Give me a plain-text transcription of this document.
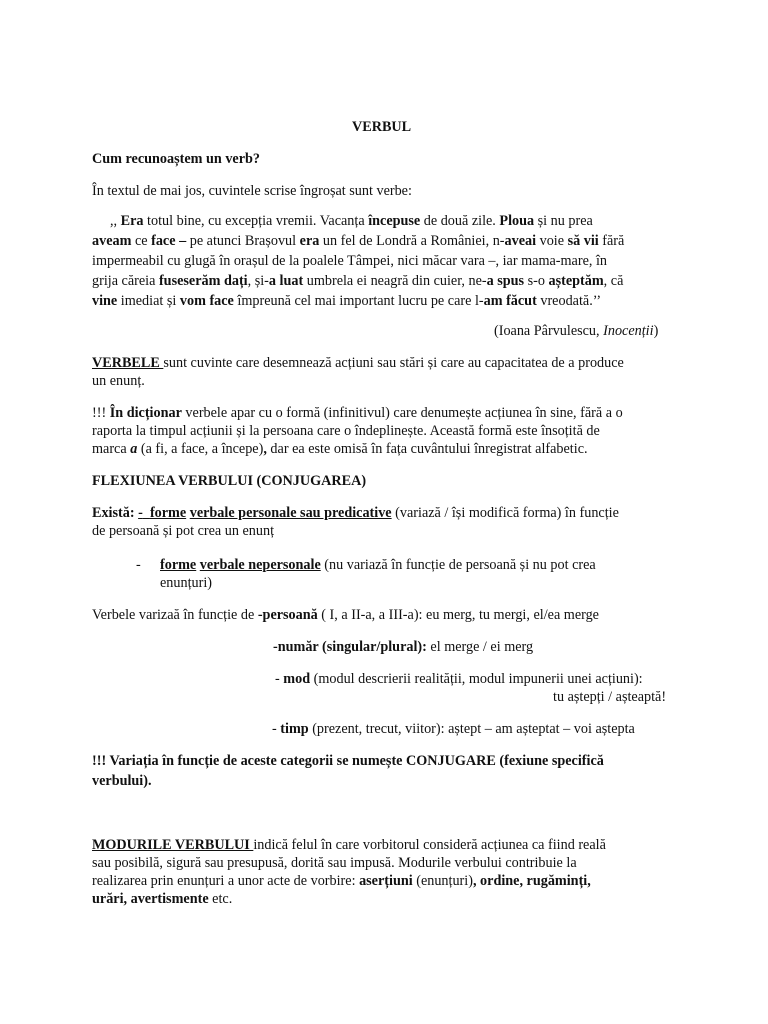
VERBUL
Cum recunoaștem un verb?
În textul de mai jos, cuvintele scrise îngroșat sunt verbe:
,, Era totul bine, cu excepția vremii. Vacanța începuse de două zile. Ploua și nu prea
aveam ce face – pe atunci Brașovul era un fel de Londră a României, n-aveai voie să vii fără
impermeabil cu glugă în orașul de la poalele Tâmpei, nici măcar vara –, iar mama-mare, în
grija căreia fuseserăm dați, și-a luat umbrela ei neagră din cuier, ne-a spus s-o așteptăm, că
vine imediat și vom face împreună cel mai important lucru pe care l-am făcut vreodată.’’
(Ioana Pârvulescu, Inocenții)
VERBELE sunt cuvinte care desemnează acțiuni sau stări și care au capacitatea de a produce
un enunț.
!!! În dicționar verbele apar cu o formă (infinitivul) care denumește acțiunea în sine, fără a o
raporta la timpul acțiunii și la persoana care o îndeplinește. Această formă este însoțită de
marca a (a fi, a face, a începe), dar ea este omisă în fața cuvântului înregistrat alfabetic.
FLEXIUNEA VERBULUI (CONJUGAREA)
Există: - forme verbale personale sau predicative (variază / își modifică forma) în funcție
de persoană și pot crea un enunț
- forme verbale nepersonale (nu variază în funcție de persoană și nu pot crea
enunțuri)
Verbele varizaă în funcție de -persoană ( I, a II-a, a III-a): eu merg, tu mergi, el/ea merge
-număr (singular/plural): el merge / ei merg
- mod (modul descrierii realității, modul impunerii unei acțiuni):
tu aștepți / așteaptă!
- timp (prezent, trecut, viitor): aștept – am așteptat – voi aștepta
!!! Variația în funcție de aceste categorii se numește CONJUGARE (fexiune specifică
verbului).
MODURILE VERBULUI indică felul în care vorbitorul consideră acțiunea ca fiind reală
sau posibilă, sigură sau presupusă, dorită sau impusă. Modurile verbului contribuie la
realizarea prin enunțuri a unor acte de vorbire: aserțiuni (enunțuri), ordine, rugăminți,
urări, avertismente etc.
